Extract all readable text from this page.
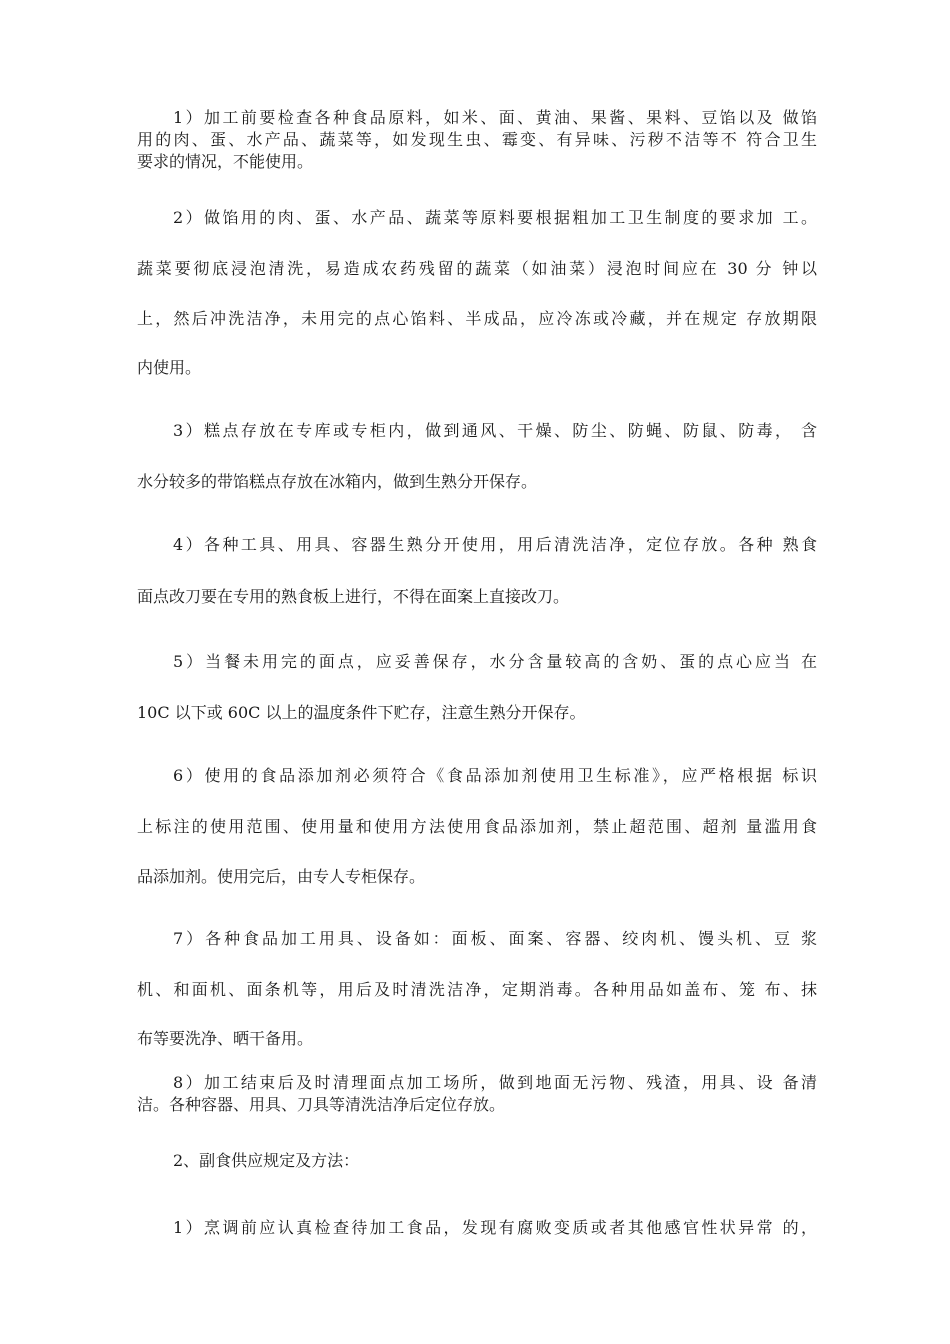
1）加工前要检查各种食品原料，如米、面、黄油、果酱、果料、豆馅以及 做馅
用的肉、蛋、水产品、蔬菜等，如发现生虫、霉变、有异味、污秽不洁等不 符合卫生
要求的情况，不能使用。
2）做馅用的肉、蛋、水产品、蔬菜等原料要根据粗加工卫生制度的要求加 工。
蔬菜要彻底浸泡清洗，易造成农药残留的蔬菜（如油菜）浸泡时间应在 30 分 钟以
上，然后冲洗洁净，未用完的点心馅料、半成品，应冷冻或冷藏，并在规定 存放期限
内使用。
3）糕点存放在专库或专柜内，做到通风、干燥、防尘、防蝇、防鼠、防毒， 含
水分较多的带馅糕点存放在冰箱内，做到生熟分开保存。
4）各种工具、用具、容器生熟分开使用，用后清洗洁净，定位存放。各种 熟食
面点改刀要在专用的熟食板上进行，不得在面案上直接改刀。
5）当餐未用完的面点，应妥善保存，水分含量较高的含奶、蛋的点心应当 在
10C 以下或 60C 以上的温度条件下贮存，注意生熟分开保存。
6）使用的食品添加剂必须符合《食品添加剂使用卫生标准》，应严格根据 标识
上标注的使用范围、使用量和使用方法使用食品添加剂，禁止超范围、超剂 量滥用食
品添加剂。使用完后，由专人专柜保存。
7）各种食品加工用具、设备如：面板、面案、容器、绞肉机、馒头机、豆 浆
机、和面机、面条机等，用后及时清洗洁净，定期消毒。各种用品如盖布、笼 布、抹
布等要洗净、晒干备用。
8）加工结束后及时清理面点加工场所，做到地面无污物、残渣，用具、设 备清
洁。各种容器、用具、刀具等清洗洁净后定位存放。
2、副食供应规定及方法：
1）烹调前应认真检查待加工食品，发现有腐败变质或者其他感官性状异常 的，
